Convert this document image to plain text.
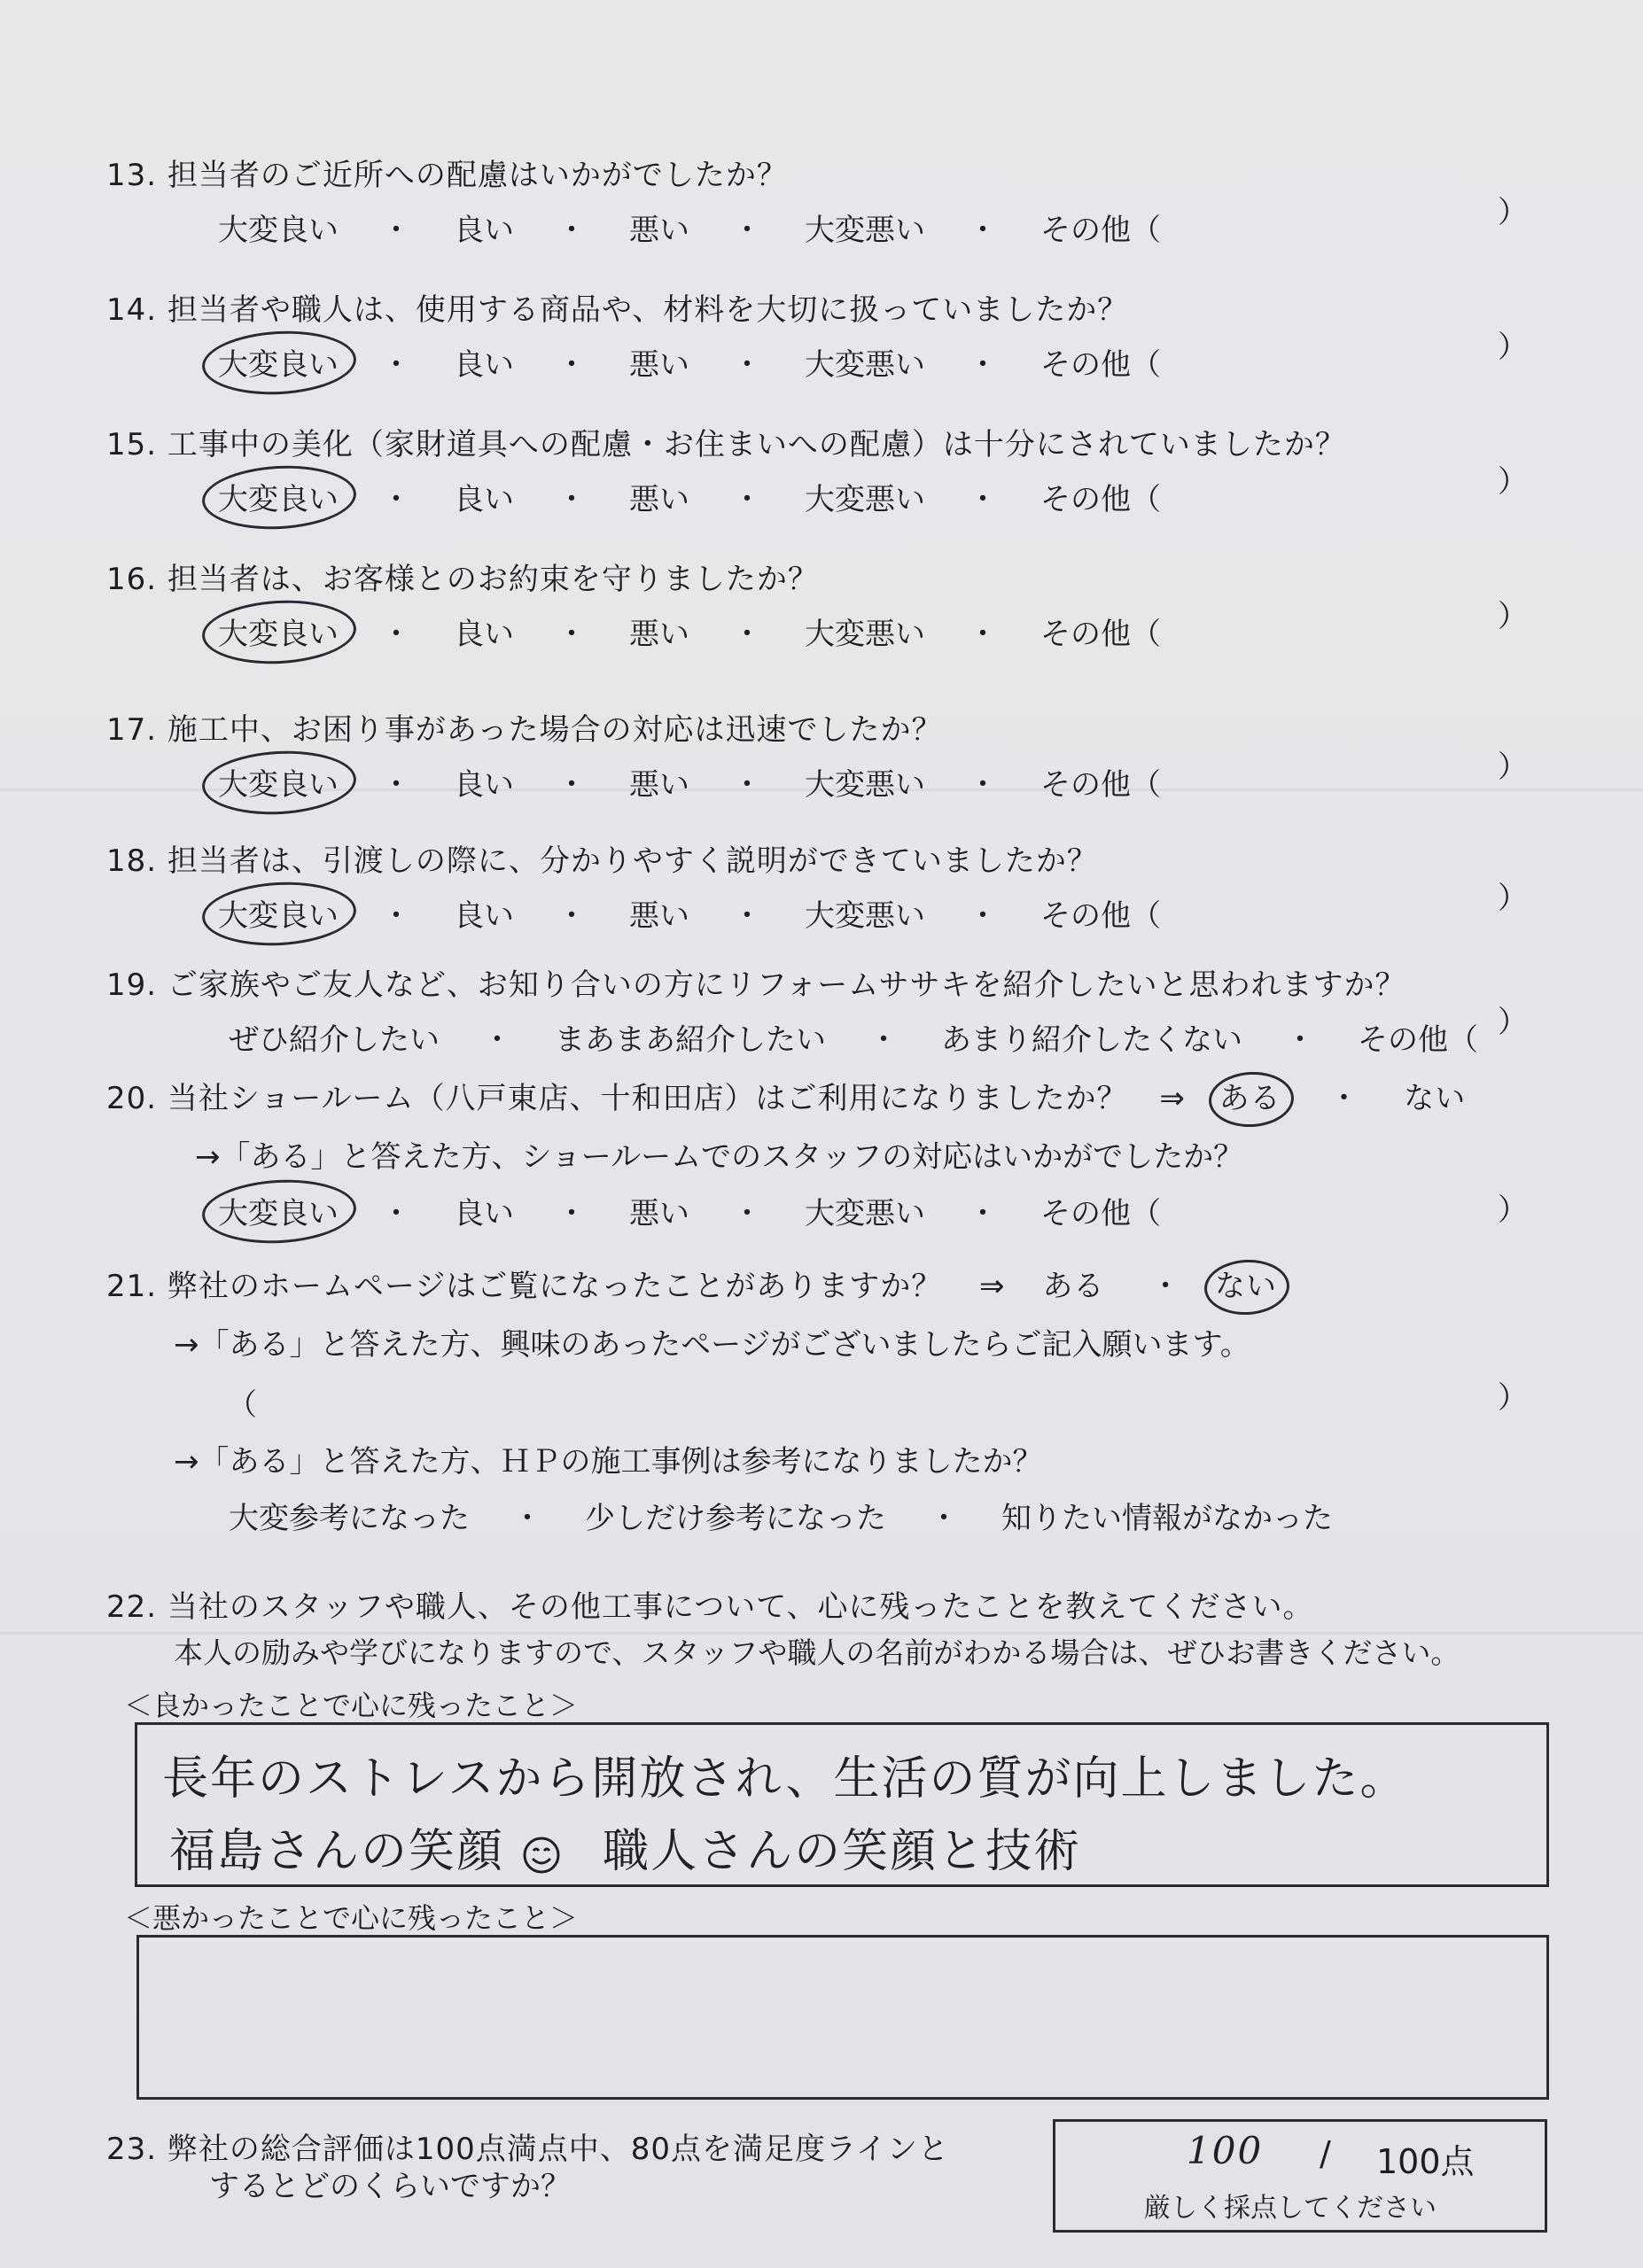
13. 担当者のご近所への配慮はいかがでしたか？
大変良い	・	良い	・	悪い	・	大変悪い	・	その他（	）
14. 担当者や職人は、使用する商品や、材料を大切に扱っていましたか？
大変良い	・	良い	・	悪い	・	大変悪い	・	その他（	）
15. 工事中の美化（家財道具への配慮・お住まいへの配慮）は十分にされていましたか？
大変良い	・	良い	・	悪い	・	大変悪い	・	その他（	）
16. 担当者は、お客様とのお約束を守りましたか？
大変良い	・	良い	・	悪い	・	大変悪い	・	その他（	）
17. 施工中、お困り事があった場合の対応は迅速でしたか？
大変良い	・	良い	・	悪い	・	大変悪い	・	その他（	）
18. 担当者は、引渡しの際に、分かりやすく説明ができていましたか？
大変良い	・	良い	・	悪い	・	大変悪い	・	その他（	）
19. ご家族やご友人など、お知り合いの方にリフォームササキを紹介したいと思われますか？
ぜひ紹介したい	・	まあまあ紹介したい	・	あまり紹介したくない	・	その他（ ）
20. 当社ショールーム（八戸東店、十和田店）はご利用になりましたか？ ⇒ ある ・ ない
→「ある」と答えた方、ショールームでのスタッフの対応はいかがでしたか？
大変良い	・	良い	・	悪い	・	大変悪い	・	その他（	）
21. 弊社のホームページはご覧になったことがありますか？ ⇒ ある ・ ない
→「ある」と答えた方、興味のあったページがございましたらご記入願います。
（	）
→「ある」と答えた方、ＨＰの施工事例は参考になりましたか？
大変参考になった	・	少しだけ参考になった	・	知りたい情報がなかった
22. 当社のスタッフや職人、その他工事について、心に残ったことを教えてください。
本人の励みや学びになりますので、スタッフや職人の名前がわかる場合は、ぜひお書きください。
＜良かったことで心に残ったこと＞
長年のストレスから開放され、生活の質が向上しました。
福島さんの笑顔 職人さんの笑顔と技術
＜悪かったことで心に残ったこと＞
23. 弊社の総合評価は100点満点中、80点を満足度ラインと
するとどのくらいですか？
100 / 100点
厳しく採点してください
